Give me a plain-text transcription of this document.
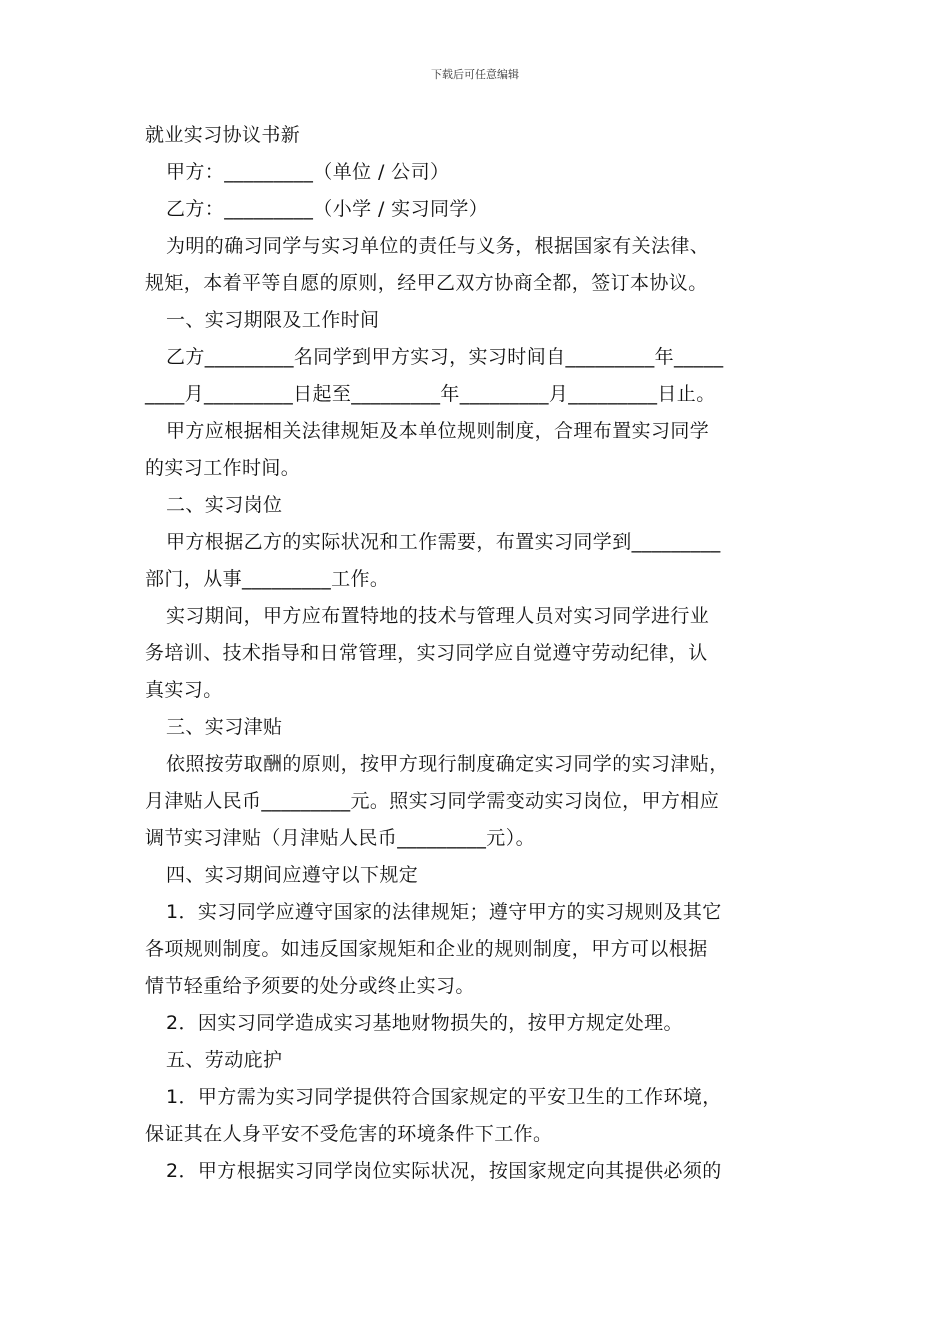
下载后可任意编辑
就业实习协议书新
甲方：_________（单位 / 公司）
乙方：_________（小学 / 实习同学）
为明的确习同学与实习单位的责任与义务，根据国家有关法律、
规矩，本着平等自愿的原则，经甲乙双方协商全都，签订本协议。
一、实习期限及工作时间
乙方_________名同学到甲方实习，实习时间自_________年_____
____月_________日起至_________年_________月_________日止。
甲方应根据相关法律规矩及本单位规则制度，合理布置实习同学
的实习工作时间。
二、实习岗位
甲方根据乙方的实际状况和工作需要，布置实习同学到_________
部门，从事_________工作。
实习期间，甲方应布置特地的技术与管理人员对实习同学进行业
务培训、技术指导和日常管理，实习同学应自觉遵守劳动纪律，认
真实习。
三、实习津贴
依照按劳取酬的原则，按甲方现行制度确定实习同学的实习津贴，
月津贴人民币_________元。照实习同学需变动实习岗位，甲方相应
调节实习津贴（月津贴人民币_________元）。
四、实习期间应遵守以下规定
1．实习同学应遵守国家的法律规矩；遵守甲方的实习规则及其它
各项规则制度。如违反国家规矩和企业的规则制度，甲方可以根据
情节轻重给予须要的处分或终止实习。
2．因实习同学造成实习基地财物损失的，按甲方规定处理。
五、劳动庇护
1．甲方需为实习同学提供符合国家规定的平安卫生的工作环境，
保证其在人身平安不受危害的环境条件下工作。
2．甲方根据实习同学岗位实际状况，按国家规定向其提供必须的
